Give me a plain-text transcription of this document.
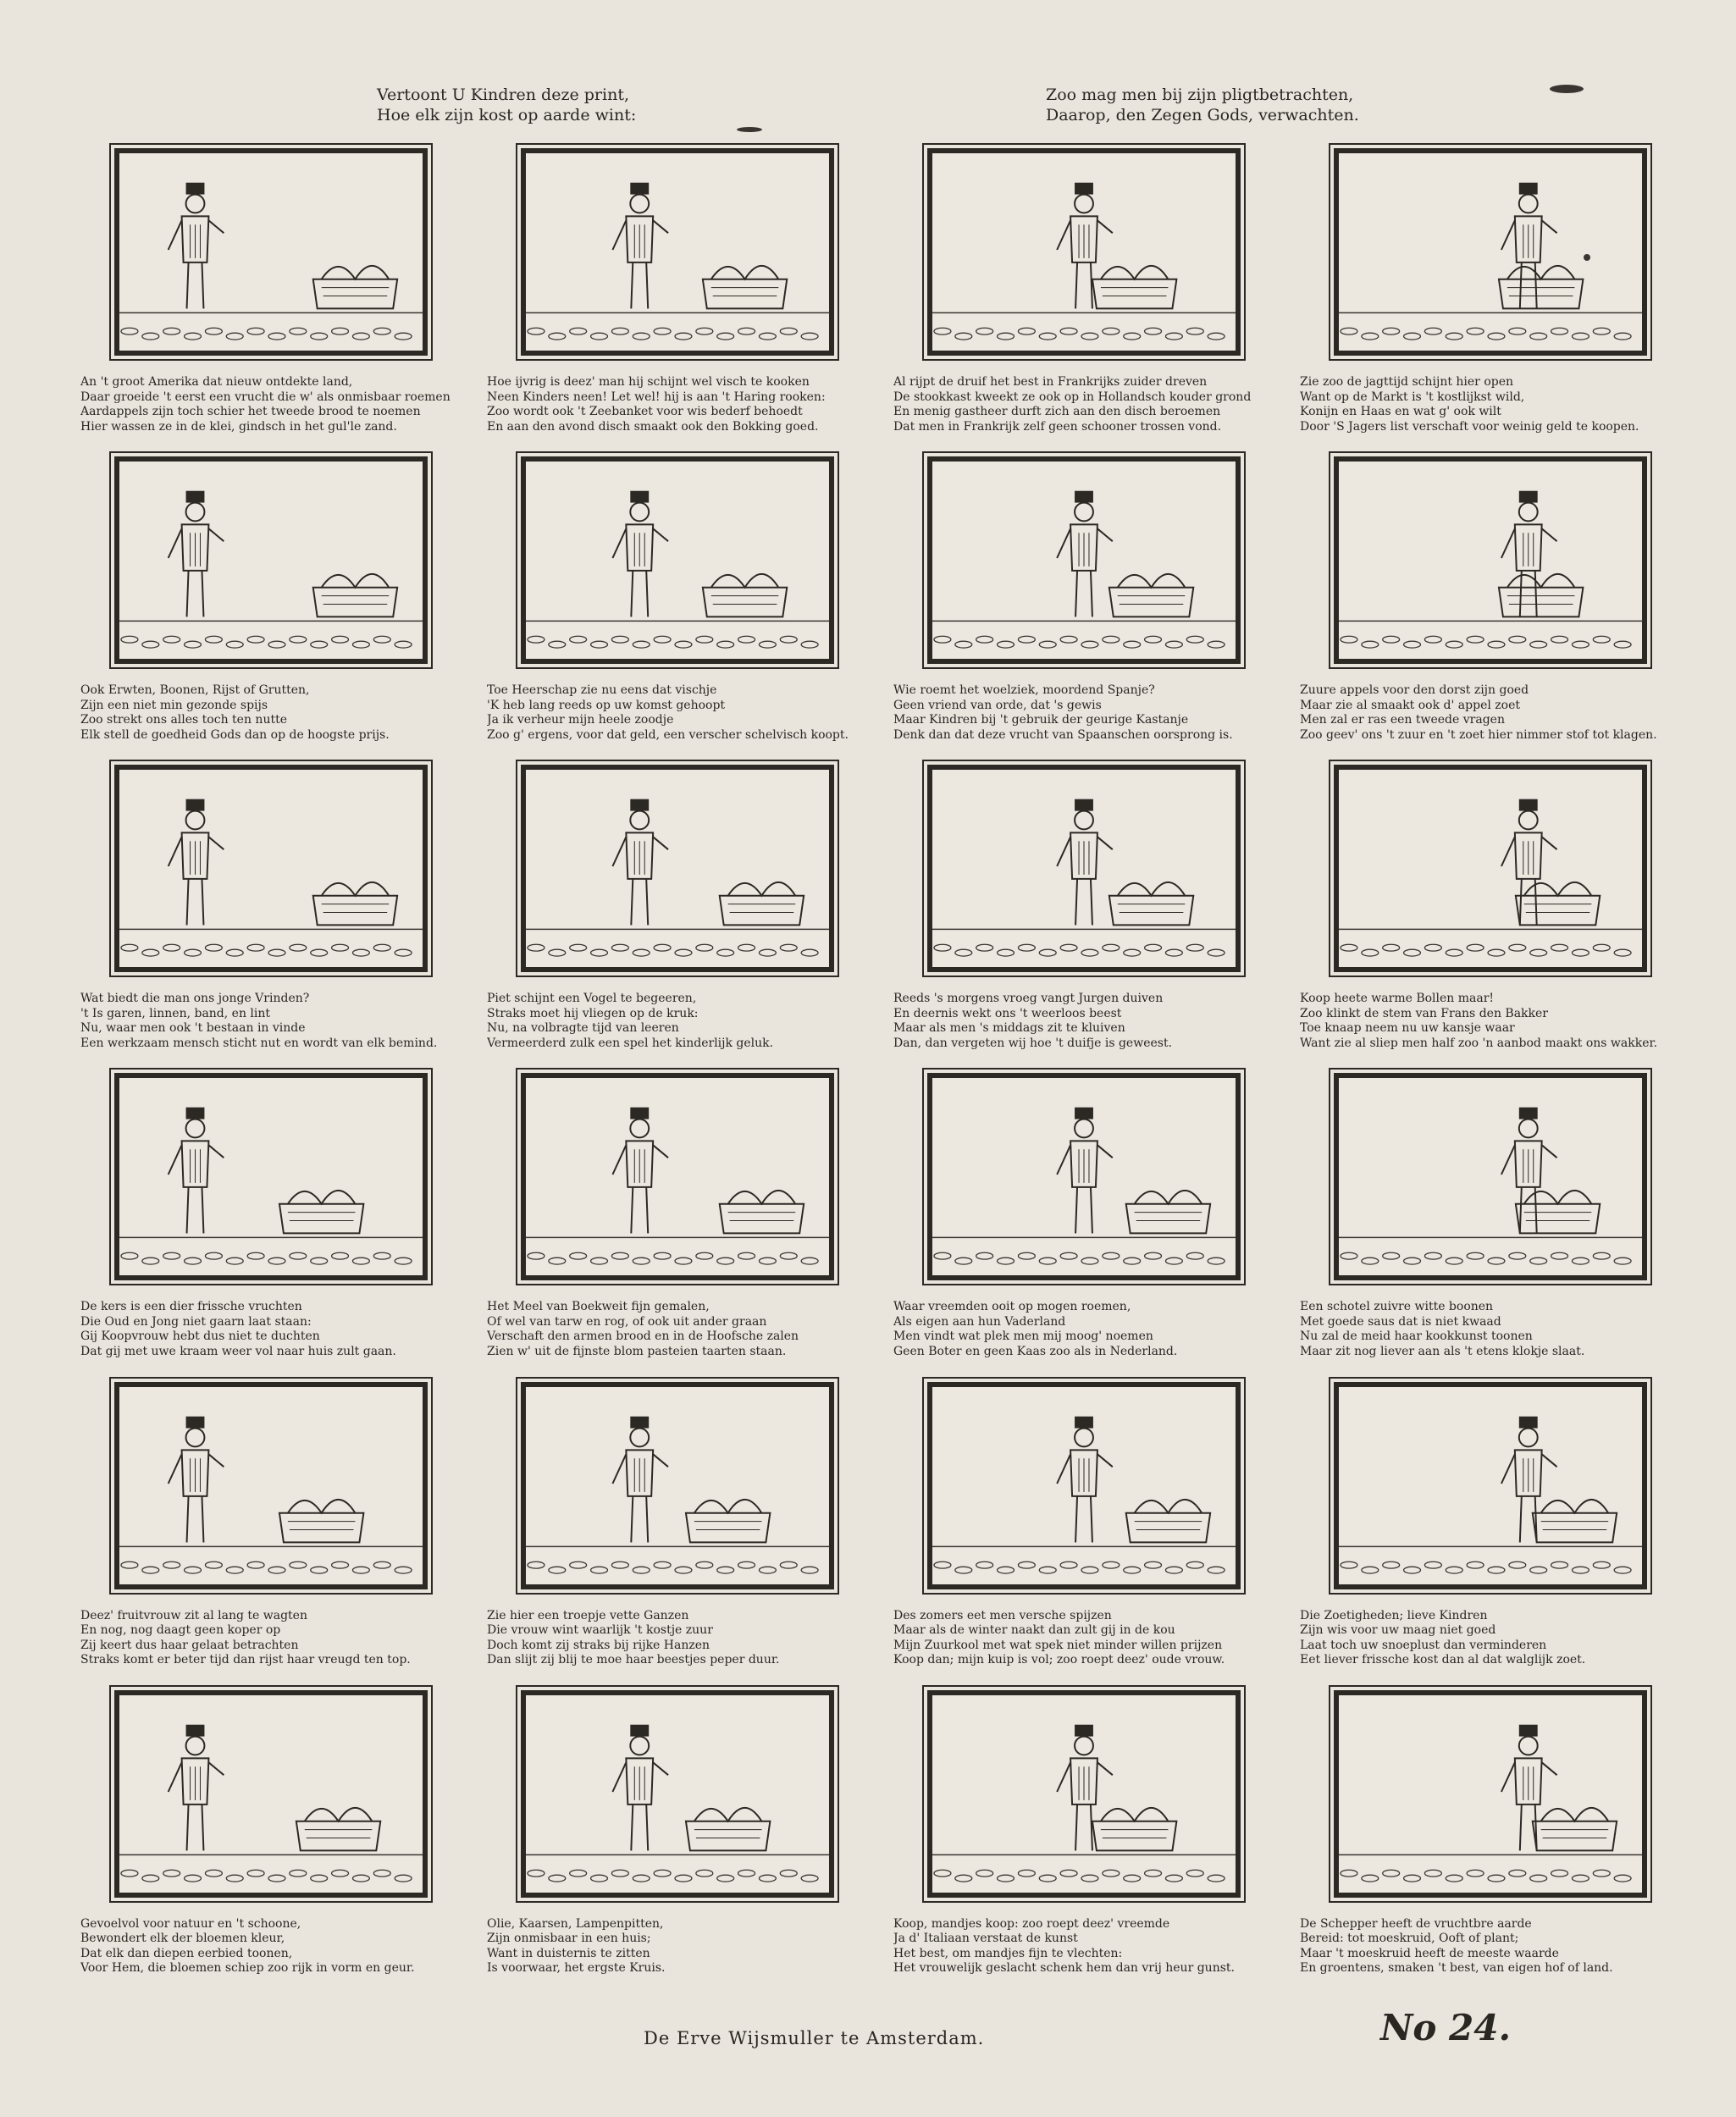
Vertoont U Kindren deze print,
Hoe elk zijn kost op aarde wint:
Zoo mag men bij zijn pligtbetrachten,
Daarop, den Zegen Gods, verwachten.
An 't groot Amerika dat nieuw ontdekte land,
Daar groeide 't eerst een vrucht die w' als onmisbaar roemen
Aardappels zijn toch schier het tweede brood te noemen
Hier wassen ze in de klei, gindsch in het gul'le zand.
Hoe ijvrig is deez' man hij schijnt wel visch te kooken
Neen Kinders neen! Let wel! hij is aan 't Haring rooken:
Zoo wordt ook 't Zeebanket voor wis bederf behoedt
En aan den avond disch smaakt ook den Bokking goed.
Al rijpt de druif het best in Frankrijks zuider dreven
De stookkast kweekt ze ook op in Hollandsch kouder grond
En menig gastheer durft zich aan den disch beroemen
Dat men in Frankrijk zelf geen schooner trossen vond.
Zie zoo de jagttijd schijnt hier open
Want op de Markt is 't kostlijkst wild,
Konijn en Haas en wat g' ook wilt
Door 'S Jagers list verschaft voor weinig geld te koopen.
Ook Erwten, Boonen, Rijst of Grutten,
Zijn een niet min gezonde spijs
Zoo strekt ons alles toch ten nutte
Elk stell de goedheid Gods dan op de hoogste prijs.
Toe Heerschap zie nu eens dat vischje
'K heb lang reeds op uw komst gehoopt
Ja ik verheur mijn heele zoodje
Zoo g' ergens, voor dat geld, een verscher schelvisch koopt.
Wie roemt het woelziek, moordend Spanje?
Geen vriend van orde, dat 's gewis
Maar Kindren bij 't gebruik der geurige Kastanje
Denk dan dat deze vrucht van Spaanschen oorsprong is.
Zuure appels voor den dorst zijn goed
Maar zie al smaakt ook d' appel zoet
Men zal er ras een tweede vragen
Zoo geev' ons 't zuur en 't zoet hier nimmer stof tot klagen.
Wat biedt die man ons jonge Vrinden?
't Is garen, linnen, band, en lint
Nu, waar men ook 't bestaan in vinde
Een werkzaam mensch sticht nut en wordt van elk bemind.
Piet schijnt een Vogel te begeeren,
Straks moet hij vliegen op de kruk:
Nu, na volbragte tijd van leeren
Vermeerderd zulk een spel het kinderlijk geluk.
Reeds 's morgens vroeg vangt Jurgen duiven
En deernis wekt ons 't weerloos beest
Maar als men 's middags zit te kluiven
Dan, dan vergeten wij hoe 't duifje is geweest.
Koop heete warme Bollen maar!
Zoo klinkt de stem van Frans den Bakker
Toe knaap neem nu uw kansje waar
Want zie al sliep men half zoo 'n aanbod maakt ons wakker.
De kers is een dier frissche vruchten
Die Oud en Jong niet gaarn laat staan:
Gij Koopvrouw hebt dus niet te duchten
Dat gij met uwe kraam weer vol naar huis zult gaan.
Het Meel van Boekweit fijn gemalen,
Of wel van tarw en rog, of ook uit ander graan
Verschaft den armen brood en in de Hoofsche zalen
Zien w' uit de fijnste blom pasteien taarten staan.
Waar vreemden ooit op mogen roemen,
Als eigen aan hun Vaderland
Men vindt wat plek men mij moog' noemen
Geen Boter en geen Kaas zoo als in Nederland.
Een schotel zuivre witte boonen
Met goede saus dat is niet kwaad
Nu zal de meid haar kookkunst toonen
Maar zit nog liever aan als 't etens klokje slaat.
Deez' fruitvrouw zit al lang te wagten
En nog, nog daagt geen koper op
Zij keert dus haar gelaat betrachten
Straks komt er beter tijd dan rijst haar vreugd ten top.
Zie hier een troepje vette Ganzen
Die vrouw wint waarlijk 't kostje zuur
Doch komt zij straks bij rijke Hanzen
Dan slijt zij blij te moe haar beestjes peper duur.
Des zomers eet men versche spijzen
Maar als de winter naakt dan zult gij in de kou
Mijn Zuurkool met wat spek niet minder willen prijzen
Koop dan; mijn kuip is vol; zoo roept deez' oude vrouw.
Die Zoetigheden; lieve Kindren
Zijn wis voor uw maag niet goed
Laat toch uw snoeplust dan verminderen
Eet liever frissche kost dan al dat walglijk zoet.
Gevoelvol voor natuur en 't schoone,
Bewondert elk der bloemen kleur,
Dat elk dan diepen eerbied toonen,
Voor Hem, die bloemen schiep zoo rijk in vorm en geur.
Olie, Kaarsen, Lampenpitten,
Zijn onmisbaar in een huis;
Want in duisternis te zitten
Is voorwaar, het ergste Kruis.
Koop, mandjes koop: zoo roept deez' vreemde
Ja d' Italiaan verstaat de kunst
Het best, om mandjes fijn te vlechten:
Het vrouwelijk geslacht schenk hem dan vrij heur gunst.
De Schepper heeft de vruchtbre aarde
Bereid: tot moeskruid, Ooft of plant;
Maar 't moeskruid heeft de meeste waarde
En groentens, smaken 't best, van eigen hof of land.
De Erve Wijsmuller te Amsterdam.	No 24.
